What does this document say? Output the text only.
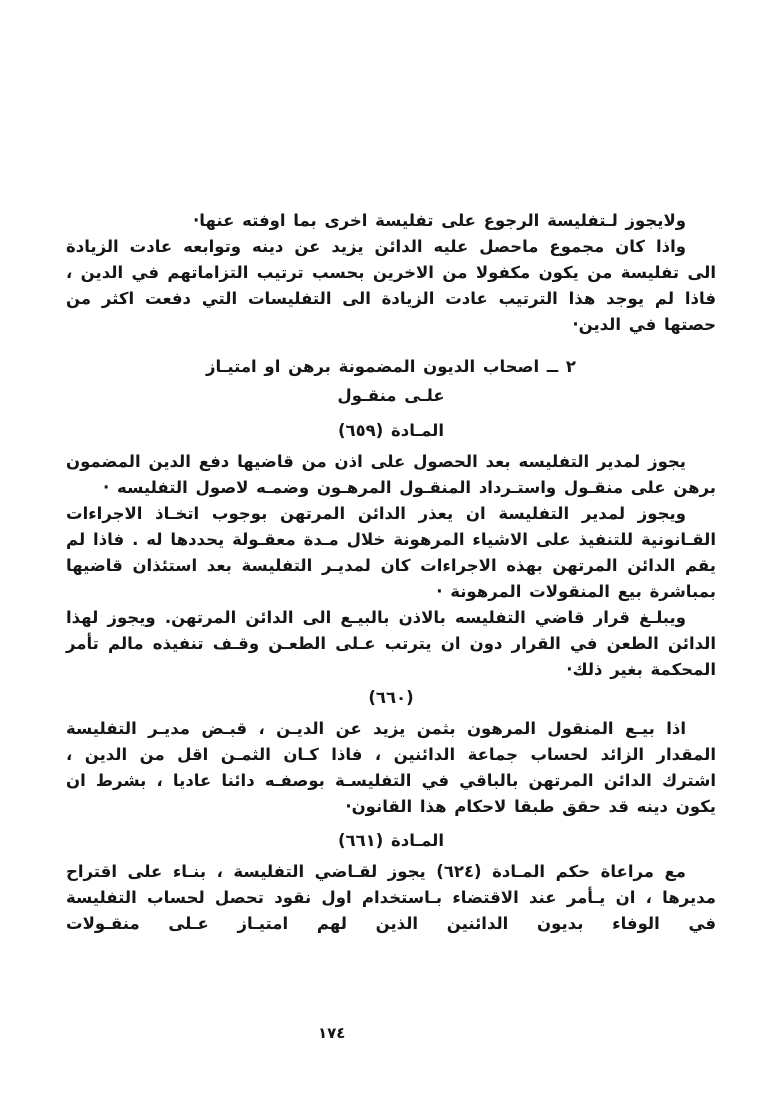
ولايجوز لـتفليسة الرجوع على تفليسة اخرى بما اوفته عنها·

واذا كان مجموع ماحصل عليه الدائن يزيد عن دينه وتوابعه عادت الزيادة الى تفليسة من يكون مكفولا من الاخرين بحسب ترتيب التزاماتهم في الدين ، فاذا لم يوجد هذا الترتيب عادت الزيادة الى التفليسات التي دفعت اكثر من حصتها في الدين·

٢ ــ اصحاب الديون المضمونة برهن او امتيـاز
علـى منقـول
المـادة (٦٥٩)

يجوز لمدير التفليسه بعد الحصول على اذن من قاضيها دفع الدين المضمون برهن على منقـول واستـرداد المنقـول المرهـون وضمـه لاصول التفليسه ·

ويجوز لمدير التفليسة ان يعذر الدائن المرتهن بوجوب اتخـاذ الاجراءات القـانونية للتنفيذ على الاشياء المرهونة خلال مـدة معقـولة يحددها له . فاذا لم يقم الدائن المرتهن بهذه الاجراءات كان لمديـر التفليسة بعد استئذان قاضيها بمباشرة بيع المنقولات المرهونة ·

ويبلـغ قرار قاضي التفليسه بالاذن بالبيـع الى الدائن المرتهن. ويجوز لهذا الدائن الطعن في القرار دون ان يترتب عـلى الطعـن وقـف تنفيذه مالم تأمر المحكمة بغير ذلك·

(٦٦٠)

اذا بيـع المنقول المرهون بثمن يزيد عن الديـن ، قبـض مديـر التفليسة المقدار الزائد لحساب جماعة الدائنين ، فاذا كـان الثمـن اقل من الدين ، اشترك الدائن المرتهن بالباقي في التفليسـة بوصفـه دائنا عاديا ، بشرط ان يكون دينه قد حقق طبقا لاحكام هذا القانون·

المـادة (٦٦١)

مع مراعاة حكم المـادة (٦٢٤) يجوز لقـاضي التفليسة ، بنـاء على اقتراح مديرها ، ان يـأمر عند الاقتضاء بـاستخدام اول نقود تحصل لحساب التفليسة في الوفاء بديون الدائنين الذين لهم امتيـاز عـلى منقـولات

١٧٤
